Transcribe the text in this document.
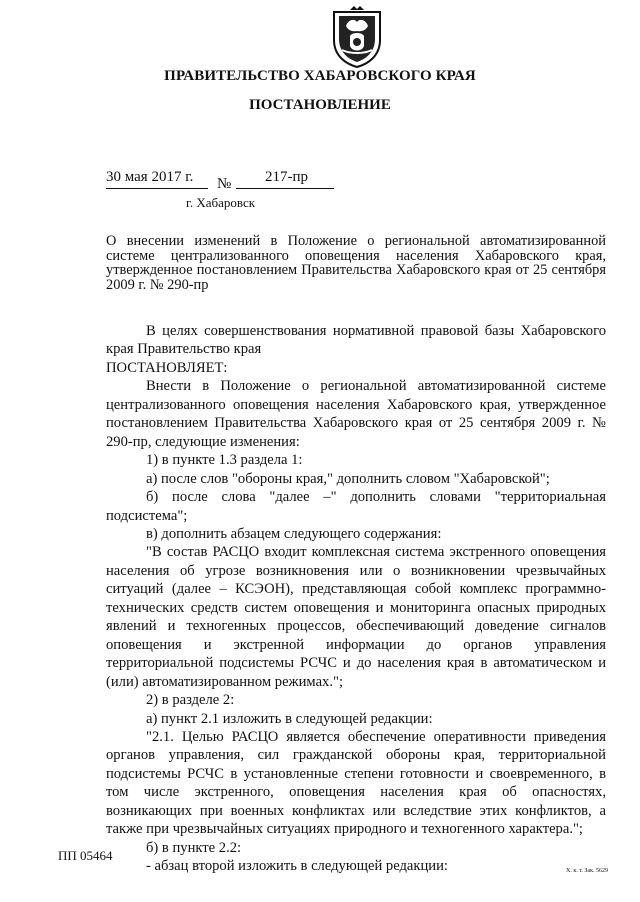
ПРАВИТЕЛЬСТВО ХАБАРОВСКОГО КРАЯ
ПОСТАНОВЛЕНИЕ
30 мая 2017 г. № 217-пр
г. Хабаровск
О внесении изменений в Положение о региональной автоматизированной системе централизованного оповещения населения Хабаровского края, утвержденное постановлением Правительства Хабаровского края от 25 сентября 2009 г. № 290-пр

В целях совершенствования нормативной правовой базы Хабаровского края Правительство края

ПОСТАНОВЛЯЕТ:

Внести в Положение о региональной автоматизированной системе централизованного оповещения населения Хабаровского края, утвержденное постановлением Правительства Хабаровского края от 25 сентября 2009 г. № 290-пр, следующие изменения:

1) в пункте 1.3 раздела 1:

а) после слов "обороны края," дополнить словом "Хабаровской";

б) после слова "далее –" дополнить словами "территориальная подсистема";

в) дополнить абзацем следующего содержания:

"В состав РАСЦО входит комплексная система экстренного оповещения населения об угрозе возникновения или о возникновении чрезвычайных ситуаций (далее – КСЭОН), представляющая собой комплекс программно-технических средств систем оповещения и мониторинга опасных природных явлений и техногенных процессов, обеспечивающий доведение сигналов оповещения и экстренной информации до органов управления территориальной подсистемы РСЧС и до населения края в автоматическом и (или) автоматизированном режимах.";

2) в разделе 2:

а) пункт 2.1 изложить в следующей редакции:

"2.1. Целью РАСЦО является обеспечение оперативности приведения органов управления, сил гражданской обороны края, территориальной подсистемы РСЧС в установленные степени готовности и своевременного, в том числе экстренного, оповещения населения края об опасностях, возникающих при военных конфликтах или вследствие этих конфликтов, а также при чрезвычайных ситуациях природного и техногенного характера.";

б) в пункте 2.2:

- абзац второй изложить в следующей редакции:

ПП 05464
Х. к. т. Зак. 5629
